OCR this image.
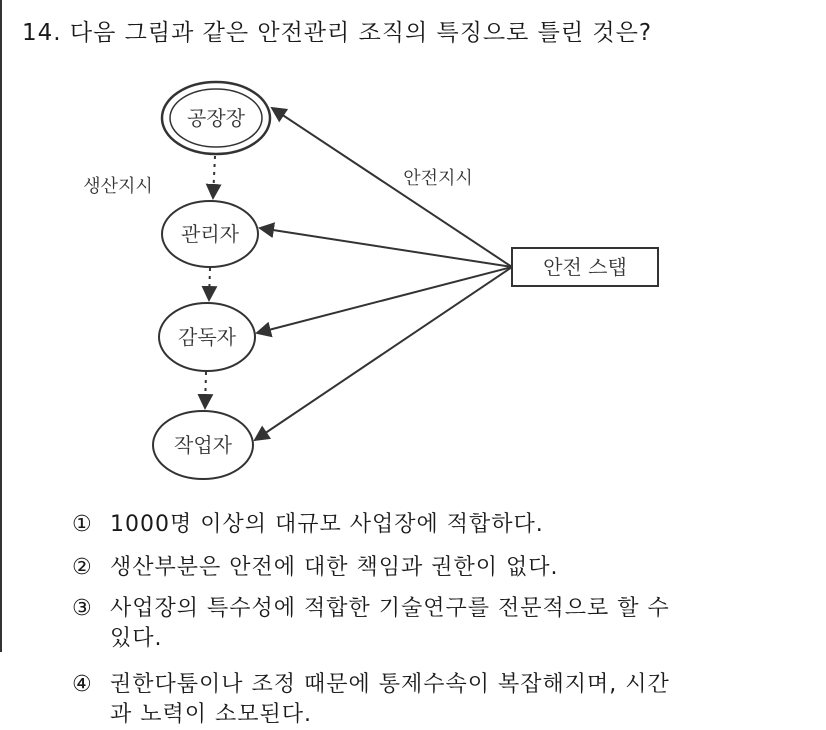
14. 다음 그림과 같은 안전관리 조직의 특징으로 틀린 것은?
공장장
관리자
감독자
작업자
안전 스탭
생산지시	안전지시
① 1000명 이상의 대규모 사업장에 적합하다.
② 생산부분은 안전에 대한 책임과 권한이 없다.
③ 사업장의 특수성에 적합한 기술연구를 전문적으로 할 수
있다.
④ 권한다툼이나 조정 때문에 통제수속이 복잡해지며, 시간
과 노력이 소모된다.
